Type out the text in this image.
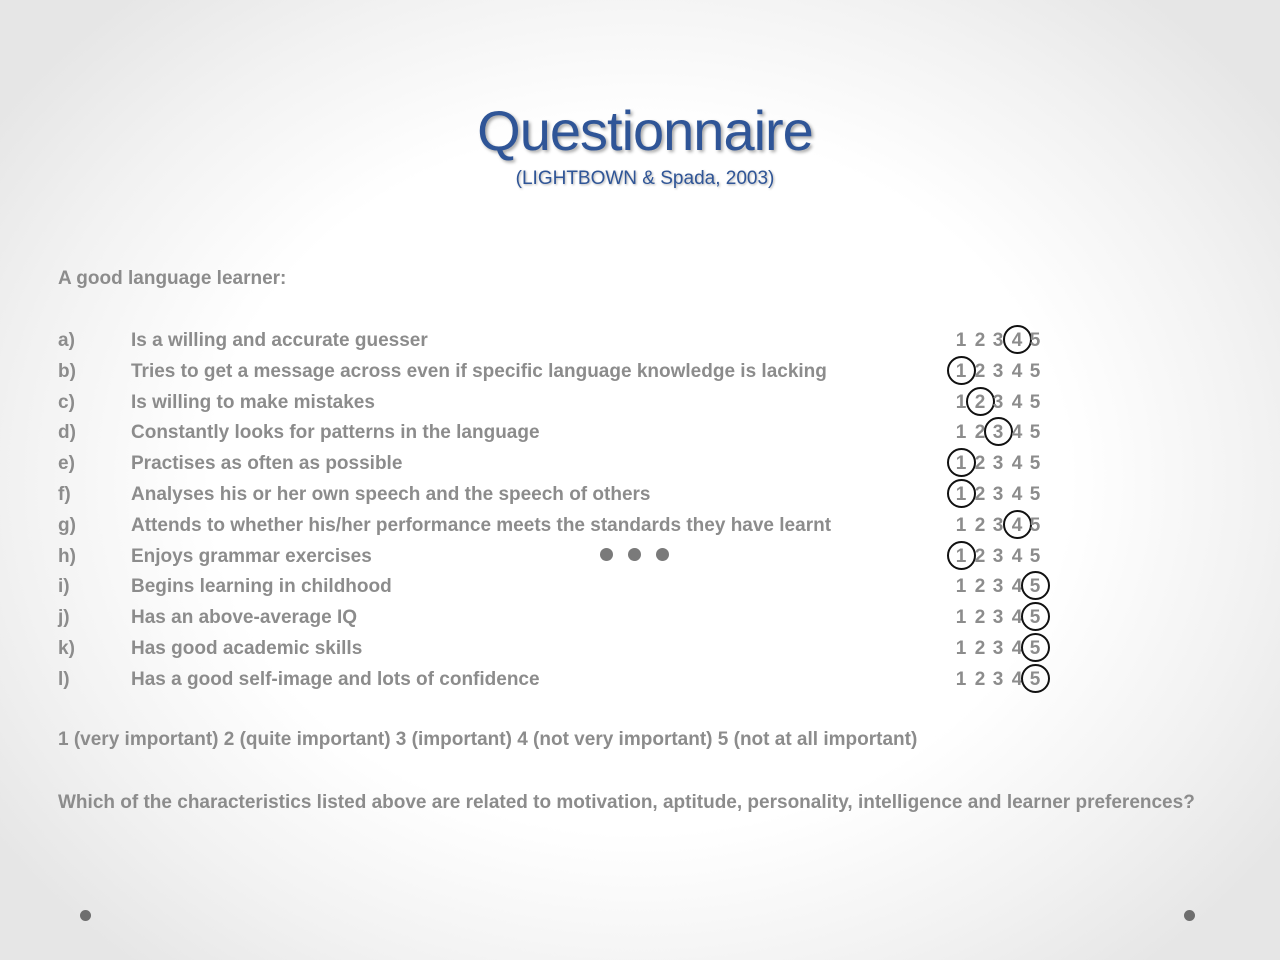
Questionnaire
(LIGHTBOWN & Spada, 2003)
A good language learner:
a)	Is a willing and accurate guesser	1 2 3 4 5
b)	Tries to get a message across even if specific language knowledge is lacking	1 2 3 4 5
c)	Is willing to make mistakes	1 2 3 4 5
d)	Constantly looks for patterns in the language	1 2 3 4 5
e)	Practises as often as possible	1 2 3 4 5
f)	Analyses his or her own speech and the speech of others	1 2 3 4 5
g)	Attends to whether his/her performance meets the standards they have learnt	1 2 3 4 5
h)	Enjoys grammar exercises	1 2 3 4 5
i)	Begins learning in childhood	1 2 3 4 5
j)	Has an above-average IQ	1 2 3 4 5
k)	Has good academic skills	1 2 3 4 5
l)	Has a good self-image and lots of confidence	1 2 3 4 5
1 (very important) 2 (quite important) 3 (important) 4 (not very important) 5 (not at all important)
Which of the characteristics listed above are related to motivation, aptitude, personality, intelligence and learner preferences?
